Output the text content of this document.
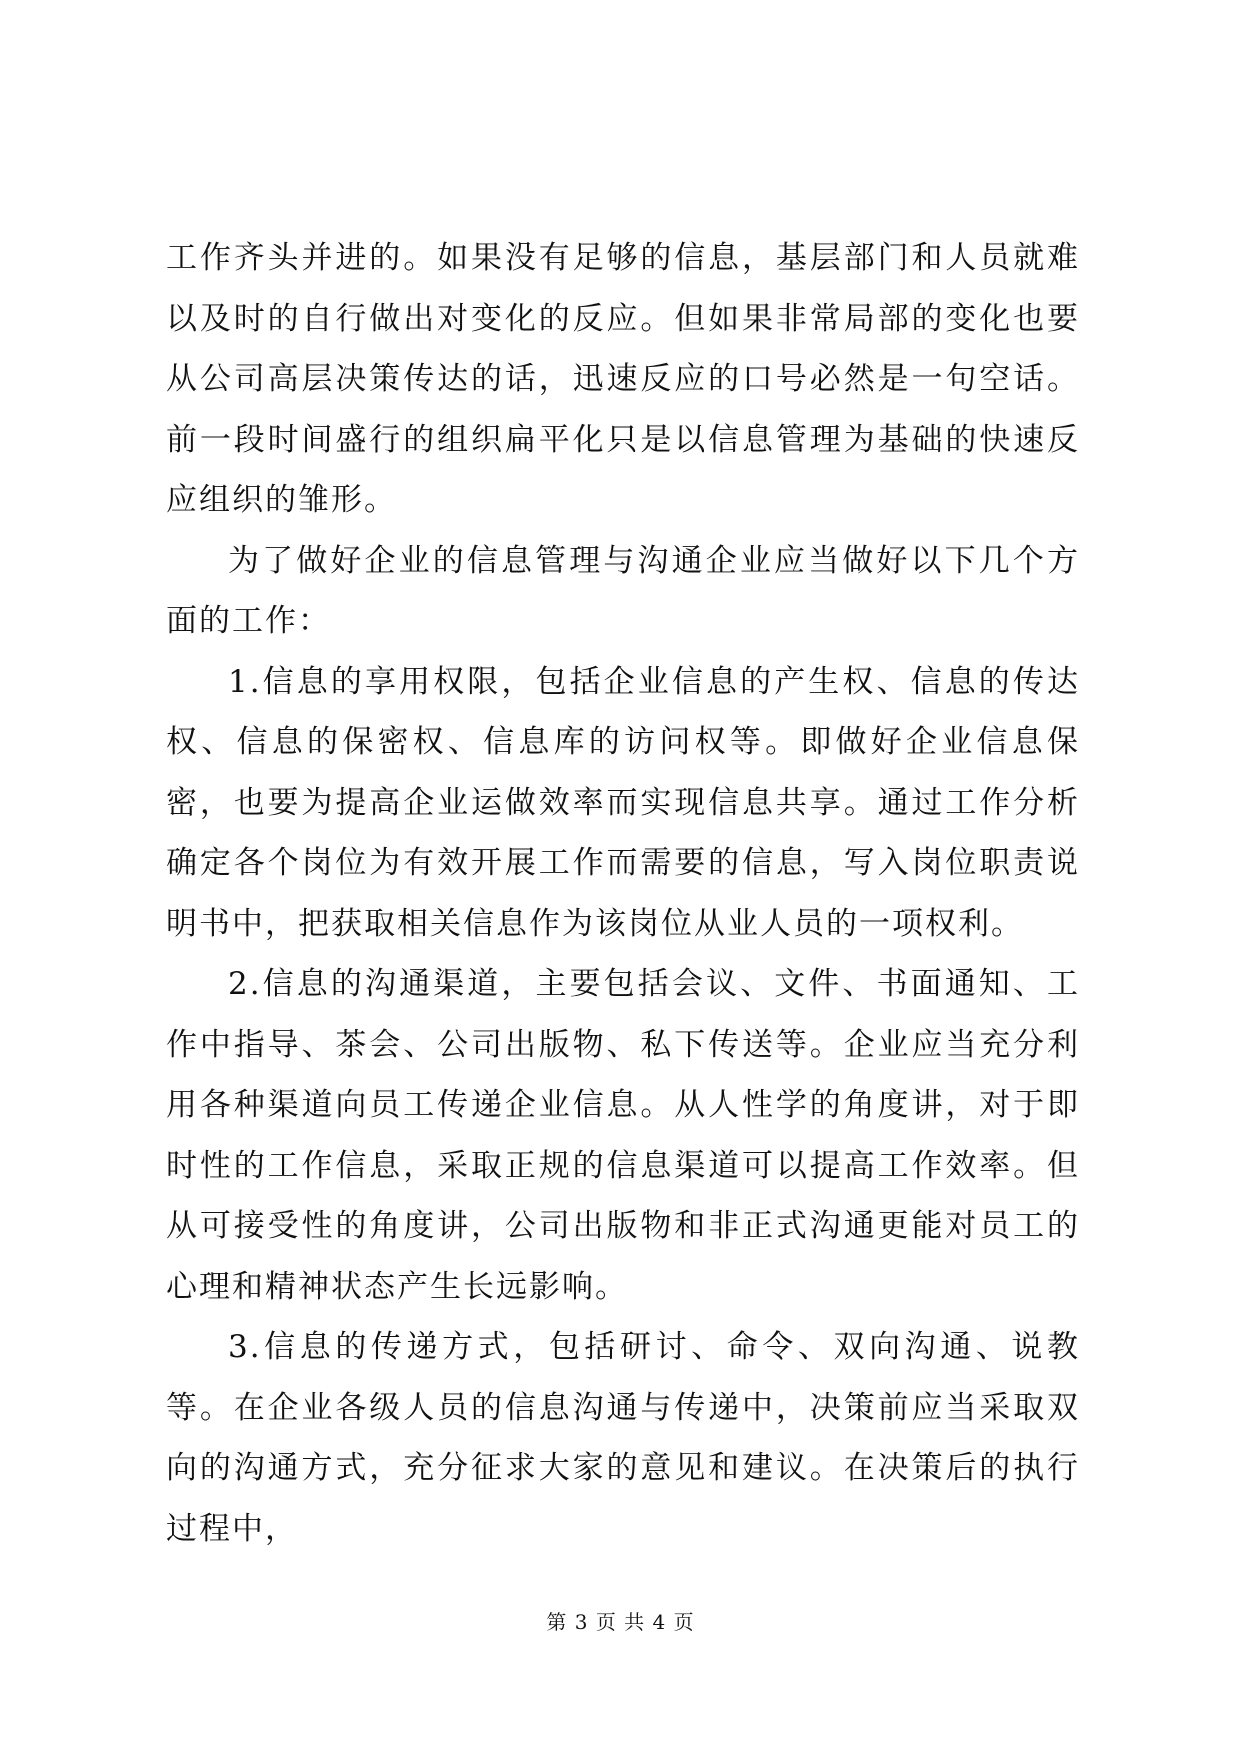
工作齐头并进的。如果没有足够的信息，基层部门和人员就难以及时的自行做出对变化的反应。但如果非常局部的变化也要从公司高层决策传达的话，迅速反应的口号必然是一句空话。前一段时间盛行的组织扁平化只是以信息管理为基础的快速反应组织的雏形。

为了做好企业的信息管理与沟通企业应当做好以下几个方面的工作：

1.信息的享用权限，包括企业信息的产生权、信息的传达权、信息的保密权、信息库的访问权等。即做好企业信息保密，也要为提高企业运做效率而实现信息共享。通过工作分析确定各个岗位为有效开展工作而需要的信息，写入岗位职责说明书中，把获取相关信息作为该岗位从业人员的一项权利。

2.信息的沟通渠道，主要包括会议、文件、书面通知、工作中指导、茶会、公司出版物、私下传送等。企业应当充分利用各种渠道向员工传递企业信息。从人性学的角度讲，对于即时性的工作信息，采取正规的信息渠道可以提高工作效率。但从可接受性的角度讲，公司出版物和非正式沟通更能对员工的心理和精神状态产生长远影响。

3.信息的传递方式，包括研讨、命令、双向沟通、说教等。在企业各级人员的信息沟通与传递中，决策前应当采取双向的沟通方式，充分征求大家的意见和建议。在决策后的执行过程中，

第 3 页 共 4 页
